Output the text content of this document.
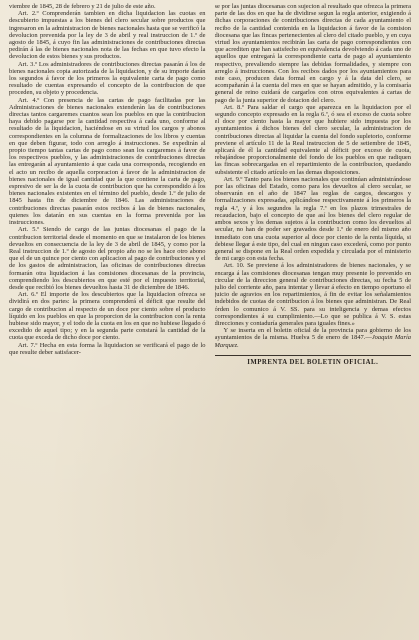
viembre de 1845, 28 de febrero y 21 de julio de este año.

Art. 2.º Comprenderán tambien en dicha liquidacion las cuotas en descubierto impuestas a los bienes del clero secular sobre productos que ingresaron en la administracion de bienes nacionales hasta que se verificó la devolucion prevenida por la ley de 3 de abril y real instruccion de 1.º de agosto de 1845, á cuyo fin las administraciones de contribuciones directas pedirán á las de bienes nacionales nota de las fechas en que tuvo efecto la devolucion de estos bienes y sus productos.

Art. 3.º Los administradores de contribuciones directas pasarán á los de bienes nacionales copia autorizada de la liquidacion, y de su importe darán los segundos á favor de los primeros la equivalente carta de pago como resultado de cuentas expresando el concepto de la contribucion de que proceden, su objeto y procedencia.

Art. 4.º Con presencia de las cartas de pago facilitadas por las Administraciones de bienes nacionales extenderán las de contribuciones directas tantos cargaremes cuantos sean los pueblos en que la contribucion haya debido pagarse por la cantidad respectiva á cada uno, conforme al resultado de la liquidacion, haciéndose en su virtud los cargos y abonos correspondientes en la columna de formalizaciones de los libros y cuentas en que deben figurar, todo con arreglo á instrucciones. Se expedirán al propio tiempo tantas cartas de pago como sean los cargaremes á favor de los respectivos pueblos, y las administraciones de contribuciones directas las entregarán al ayuntamiento á que cada una corresponda, recogiendo en el acto un recibo de aquella corporacion á favor de la administracion de bienes nacionales de igual cantidad que la que contiene la carta de pago, espresivo de ser la de la cuota de contribucion que ha correspondido á los bienes nacionales existentes en el término del pueblo, desde 1.º de julio de 1845 hasta fin de diciembre de 1846. Las administraciones de contribuciones directas pasarán estos recibos á las de bienes nacionales, quienes los datarán en sus cuentas en la forma prevenida por las instrucciones.

Art. 5.º Siendo de cargo de las juntas diocesanas el pago de la contribucion territorial desde el momento en que se instalaron de los bienes devueltos en consecuencia de la ley de 3 de abril de 1845, y como por la Real instruccion de 1.º de agosto del propio año no se les hace otro abono que el de un quince por ciento con aplicacion al pago de contribuciones y el de los gastos de administracion, las oficinas de contribuciones directas formarán otra liquidacion á las comisiones diocesanas de la provincia, comprendiendo los descubiertos en que esté por el impuesto territorial, desde que recibió los bienes devueltos hasta 31 de diciembre de 1846.

Art. 6.º El importe de los descubiertos que la liquidacion ofrezca se dividirá en dos partes: la primera comprenderá el déficit que resulte del cargo de contribucion al respecto de un doce por ciento sobre el producto líquido en los pueblos en que la proporcion de la contribucion con la renta hubiese sido mayor, y el todo de la cuota en los en que no hubiese llegado ó excedido de aquel tipo; y en la segunda parte constará la cantidad de la cuota que exceda de dicho doce por ciento.

Art. 7.º Hecha en esta forma la liquidacion se verificará el pago de lo que resulte deber satisfacer-

se por las juntas diocesanas con sujecion al resultado que ofrezca la primera parte de las dos en que ha de dividirse segun la regla anterior, exigiendo á dichas corporaciones de contribuciones directas de cada ayuntamiento el recibo de la cantidad contenida en la liquidacion á favor de la comision diocesana que las fincas pertenecientes al clero del citado pueblo, y en cuya virtud los ayuntamientos recibirán las carta de pago correspondientes con que acrediten que han satisfecho en equivalencia devolviendo á cada uno de aquellos que entregará la correspondiente carta de pago al ayuntamiento respectivo, prevaliendo siempre las debidas formalidades, y siempre con arreglo á instrucciones. Con los recibos dados por los ayuntamientos para este caso, producen data formal en cargo y á la data del clero, se acompañarán á la cuenta del mes en que se hayan admitido, y la comisaría general de reino cuidará de cargarlos con otros equivalentes á cartas de pago de la junta superior de dotacion del clero.

Art. 8.º Para saldar el cargo que aparezca en la liquidacion por el segundo concepto expresado en la regla 6.ª, ó sea el exceso de cuota sobre el doce por ciento hasta la mayor que hubiere sido impuesta por los ayuntamientos á dichos bienes del clero secular, la administracion de contribuciones directas al liquidar la cuenta del fondo supletorio, conforme previene el artículo 11 de la Real instruccion de 5 de setiembre de 1845, aplicará de él la cantidad equivalente al déficit por exceso de cuota, rebajándose proporcionalmente del fondo de los pueblos en que radiquen las fincas sobrecargadas en el repartimiento de la contribucion, quedando subsistente el citado artículo en las demas disposiciones.

Art. 9.º Tanto para los bienes nacionales que continúan administrándose por las oficinas del Estado, como para los devueltos al clero secular, se observarán en el año de 1847 las reglas de cargos, descargos y formalizaciones expresadas, aplicándose respectivamente á los primeros la regla 4.ª, y á los segundos la regla 7.ª en los plazos trimestrales de recaudacion, bajo el concepto de que así los bienes del clero regular de ambos sexos y los demas sujetos á la contribucion como los devueltos al secular, no han de poder ser gravados desde 1.º de enero del mismo año inmediato con una cuota superior al doce por ciento de la renta líquida, si debiese llegar á este tipo, del cual en ningun caso excederá, como por punto general se dispone en la Real orden expedida y circulada por el ministerio de mi cargo con esta fecha.

Art. 10. Se previene á los administradores de bienes nacionales, y se encarga á las comisiones diocesanas tengan muy presente lo prevenido en circular de la direccion general de contribuciones directas, su fecha 5 de julio del corriente año, para intentar y llevar á efecto en tiempo oportuno el juicio de agravios en los repartimientos, á fin de evitar los señalamientos indebidos de cuotas de contribucion á los bienes que administran. De Real órden lo comunico á V. SS. para su inteligencia y demas efectos correspondientes á su cumplimiento.—Lo que se publica á V. S. estas direcciones y contaduría generales para iguales fines.»

Y se inserta en el boletin oficial de la provincia para gobierno de los ayuntamientos de la misma. Huelva 5 de enero de 1847.—Joaquin María Marquez.

IMPRENTA DEL BOLETIN OFICIAL.
